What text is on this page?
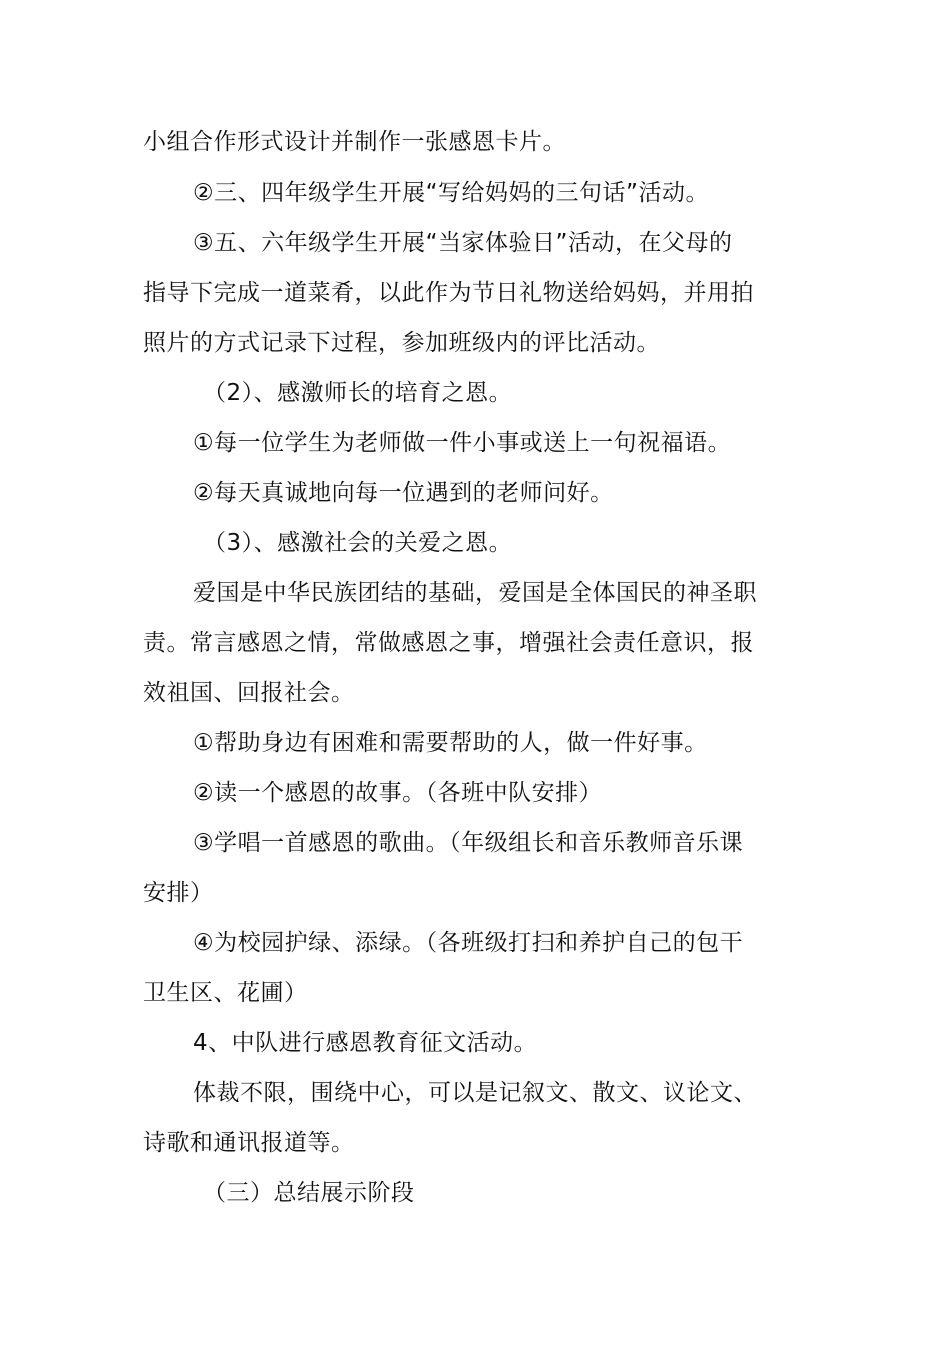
小组合作形式设计并制作一张感恩卡片。
②三、四年级学生开展“写给妈妈的三句话”活动。
③五、六年级学生开展“当家体验日”活动，在父母的
指导下完成一道菜肴，以此作为节日礼物送给妈妈，并用拍
照片的方式记录下过程，参加班级内的评比活动。
（2）、感激师长的培育之恩。
①每一位学生为老师做一件小事或送上一句祝福语。
②每天真诚地向每一位遇到的老师问好。
（3）、感激社会的关爱之恩。
爱国是中华民族团结的基础，爱国是全体国民的神圣职
责。常言感恩之情，常做感恩之事，增强社会责任意识，报
效祖国、回报社会。
①帮助身边有困难和需要帮助的人，做一件好事。
②读一个感恩的故事。（各班中队安排）
③学唱一首感恩的歌曲。（年级组长和音乐教师音乐课
安排）
④为校园护绿、添绿。（各班级打扫和养护自己的包干
卫生区、花圃）
4、中队进行感恩教育征文活动。
体裁不限，围绕中心，可以是记叙文、散文、议论文、
诗歌和通讯报道等。
（三）总结展示阶段
